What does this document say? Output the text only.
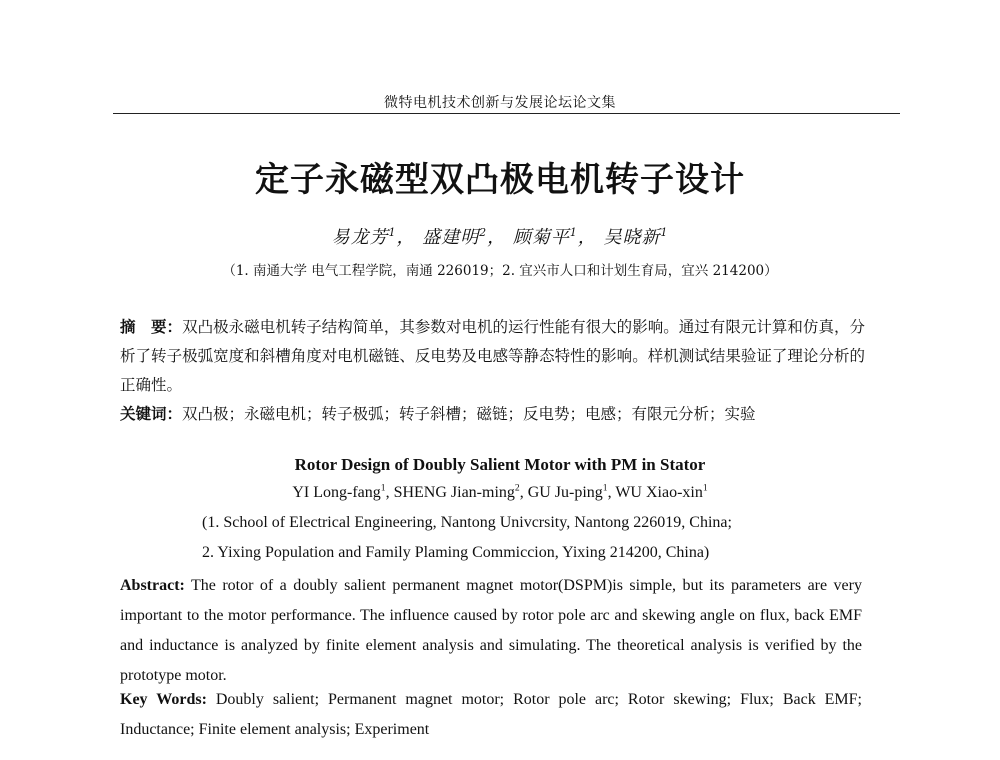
微特电机技术创新与发展论坛论文集
定子永磁型双凸极电机转子设计
易龙芳$^1$， 盛建明$^2$， 顾菊平$^1$， 吴晓新$^1$
（1. 南通大学 电气工程学院，南通 226019；2. 宜兴市人口和计划生育局，宜兴 214200）
摘　要：双凸极永磁电机转子结构简单，其参数对电机的运行性能有很大的影响。通过有限元计算和仿真，分析了转子极弧宽度和斜槽角度对电机磁链、反电势及电感等静态特性的影响。样机测试结果验证了理论分析的正确性。
关键词：双凸极；永磁电机；转子极弧；转子斜槽；磁链；反电势；电感；有限元分析；实验
Rotor Design of Doubly Salient Motor with PM in Stator
YI Long-fang$^1$, SHENG Jian-ming$^2$, GU Ju-ping$^1$, WU Xiao-xin$^1$
(1. School of Electrical Engineering, Nantong Univcrsity, Nantong 226019, China;
2. Yixing Population and Family Plaming Commiccion, Yixing 214200, China)
Abstract: The rotor of a doubly salient permanent magnet motor(DSPM)is simple, but its parameters are very important to the motor performance. The influence caused by rotor pole arc and skewing angle on flux, back EMF and inductance is analyzed by finite element analysis and simulating. The theoretical analysis is verified by the prototype motor.
Key Words: Doubly salient; Permanent magnet motor; Rotor pole arc; Rotor skewing; Flux; Back EMF; Inductance; Finite element analysis; Experiment
